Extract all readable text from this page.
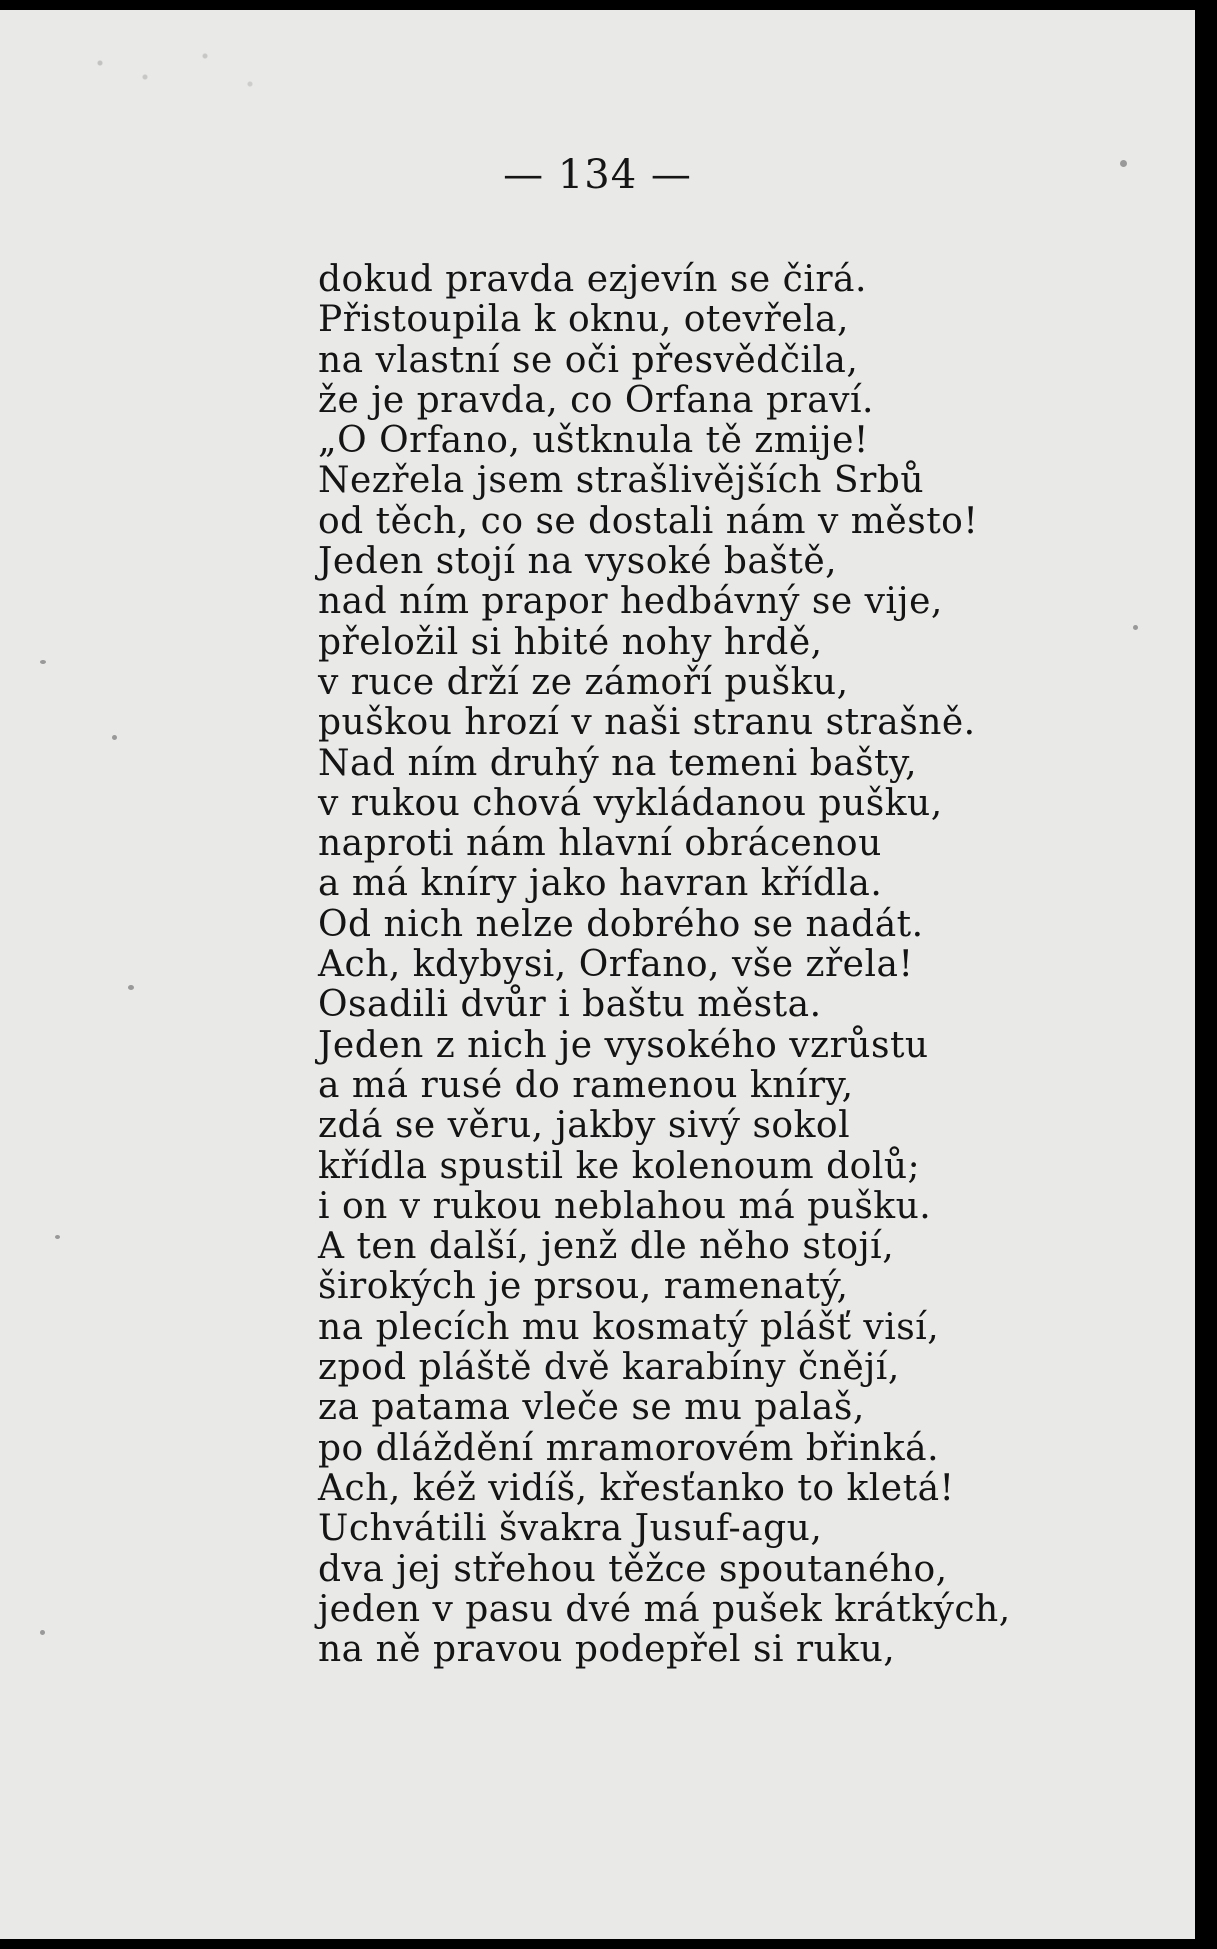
— 134 —
dokud pravda ezjevín se čirá.
Přistoupila k oknu, otevřela,
na vlastní se oči přesvědčila,
že je pravda, co Orfana praví.
„O Orfano, uštknula tě zmije!
Nezřela jsem strašlivějších Srbů
od těch, co se dostali nám v město!
Jeden stojí na vysoké baště,
nad ním prapor hedbávný se vije,
přeložil si hbité nohy hrdě,
v ruce drží ze zámoří pušku,
puškou hrozí v naši stranu strašně.
Nad ním druhý na temeni bašty,
v rukou chová vykládanou pušku,
naproti nám hlavní obrácenou
a má kníry jako havran křídla.
Od nich nelze dobrého se nadát.
Ach, kdybysi, Orfano, vše zřela!
Osadili dvůr i baštu města.
Jeden z nich je vysokého vzrůstu
a má rusé do ramenou kníry,
zdá se věru, jakby sivý sokol
křídla spustil ke kolenoum dolů;
i on v rukou neblahou má pušku.
A ten další, jenž dle něho stojí,
širokých je prsou, ramenatý,
na plecích mu kosmatý plášť visí,
zpod pláště dvě karabíny čnějí,
za patama vleče se mu palaš,
po dláždění mramorovém břinká.
Ach, kéž vidíš, křesťanko to kletá!
Uchvátili švakra Jusuf-agu,
dva jej střehou těžce spoutaného,
jeden v pasu dvé má pušek krátkých,
na ně pravou podepřel si ruku,
